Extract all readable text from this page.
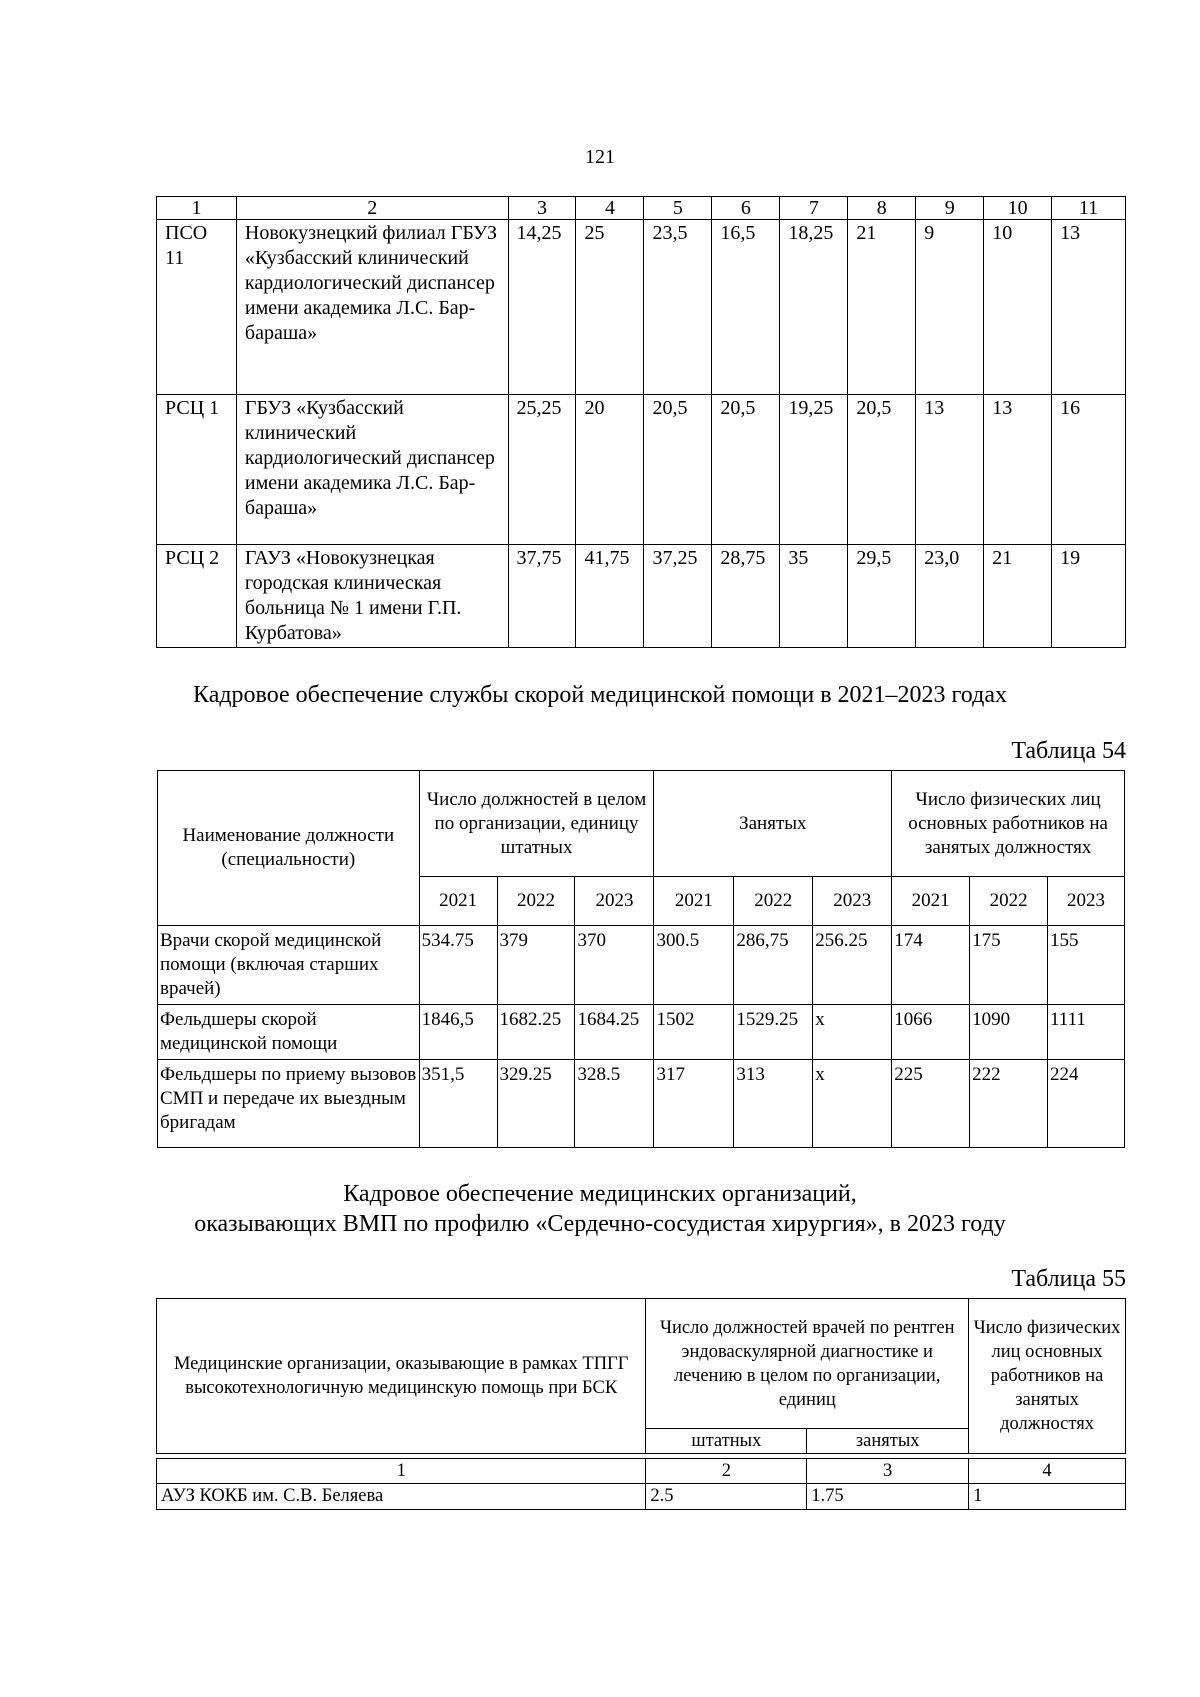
121
1	2	3	4	5	6	7	8	9	10	11
ПСО 11	Новокузнецкий филиал ГБУЗ «Кузбасский клинический кардиологический диспансер имени академика Л.С. Бар-бараша»	14,25	25	23,5	16,5	18,25	21	9	10	13
РСЦ 1	ГБУЗ «Кузбасский клинический кардиологический диспансер имени академика Л.С. Бар-бараша»	25,25	20	20,5	20,5	19,25	20,5	13	13	16
РСЦ 2	ГАУЗ «Новокузнецкая городская клиническая больница № 1 имени Г.П. Курбатова»	37,75	41,75	37,25	28,75	35	29,5	23,0	21	19
Кадровое обеспечение службы скорой медицинской помощи в 2021–2023 годах
Таблица 54
Наименование должности (специальности)	Число должностей в целом по организации, единицу штатных			Занятых			Число физических лиц основных работников на занятых должностях		
	2021	2022	2023	2021	2022	2023	2021	2022	2023
Врачи скорой медицинской помощи (включая старших врачей)	534.75	379	370	300.5	286,75	256.25	174	175	155
Фельдшеры скорой медицинской помощи	1846,5	1682.25	1684.25	1502	1529.25	x	1066	1090	1111
Фельдшеры по приему вызовов СМП и передаче их выездным бригадам	351,5	329.25	328.5	317	313	x	225	222	224
Кадровое обеспечение медицинских организаций,
оказывающих ВМП по профилю «Сердечно-сосудистая хирургия», в 2023 году
Таблица 55
Медицинские организации, оказывающие в рамках ТПГГ высокотехнологичную медицинскую помощь при БСК	Число должностей врачей по рентген эндоваскулярной диагностике и лечению в целом по организации, единиц		Число физических лиц основных работников на занятых должностях
	штатных	занятых	

1	2	3	4
АУЗ КОКБ им. С.В. Беляева	2.5	1.75	1
